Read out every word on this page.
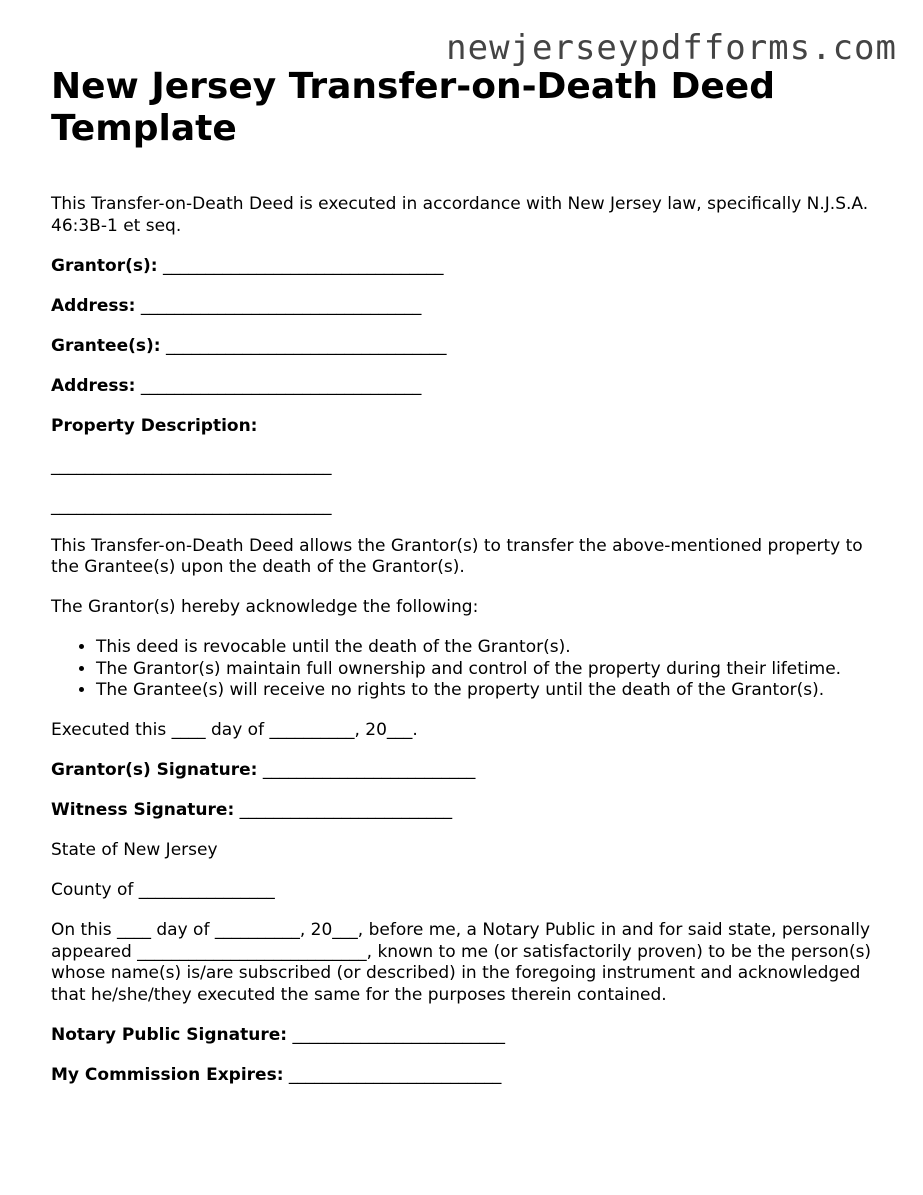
newjerseypdfforms.com
New Jersey Transfer-on-Death Deed Template

This Transfer-on-Death Deed is executed in accordance with New Jersey law, specifically N.J.S.A. 46:3B-1 et seq.

Grantor(s): _________________________________

Address: _________________________________

Grantee(s): _________________________________

Address: _________________________________

Property Description:

_________________________________

_________________________________

This Transfer-on-Death Deed allows the Grantor(s) to transfer the above-mentioned property to the Grantee(s) upon the death of the Grantor(s).

The Grantor(s) hereby acknowledge the following:

• This deed is revocable until the death of the Grantor(s).
• The Grantor(s) maintain full ownership and control of the property during their lifetime.
• The Grantee(s) will receive no rights to the property until the death of the Grantor(s).

Executed this ____ day of __________, 20___.

Grantor(s) Signature: _________________________

Witness Signature: _________________________

State of New Jersey

County of ________________

On this ____ day of __________, 20___, before me, a Notary Public in and for said state, personally appeared ___________________________, known to me (or satisfactorily proven) to be the person(s) whose name(s) is/are subscribed (or described) in the foregoing instrument and acknowledged that he/she/they executed the same for the purposes therein contained.

Notary Public Signature: _________________________

My Commission Expires: _________________________
